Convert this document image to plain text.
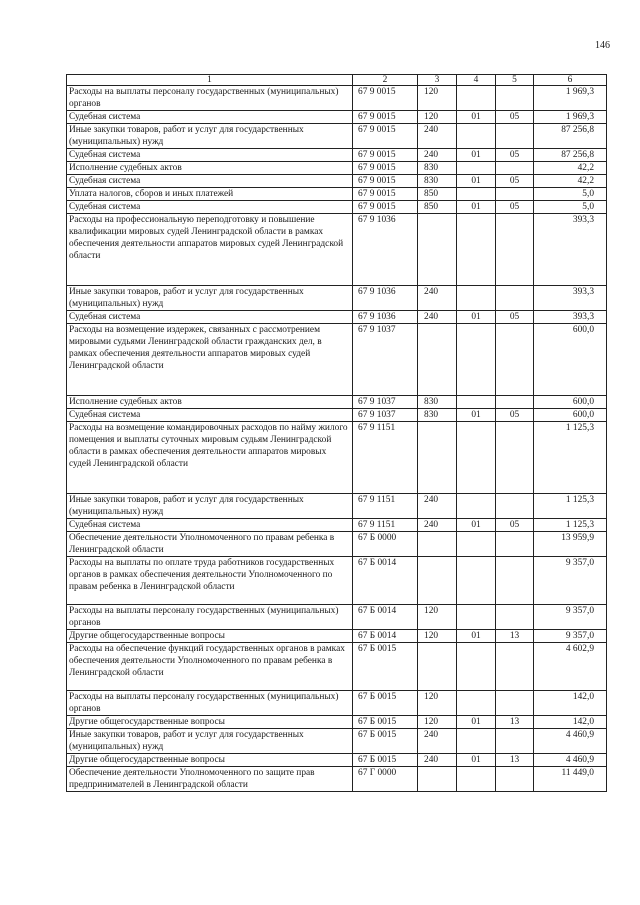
146
1	2	3	4	5	6
Расходы на выплаты персоналу государственных (муниципальных) органов	67 9 0015	120			1 969,3
Судебная система	67 9 0015	120	01	05	1 969,3
Иные закупки товаров, работ и услуг для государственных (муниципальных) нужд	67 9 0015	240			87 256,8
Судебная система	67 9 0015	240	01	05	87 256,8
Исполнение судебных актов	67 9 0015	830			42,2
Судебная система	67 9 0015	830	01	05	42,2
Уплата налогов, сборов и иных платежей	67 9 0015	850			5,0
Судебная система	67 9 0015	850	01	05	5,0
Расходы на профессиональную переподготовку и повышение квалификации мировых судей Ленинградской области в рамках обеспечения деятельности аппаратов мировых судей Ленинградской области	67 9 1036				393,3
Иные закупки товаров, работ и услуг для государственных (муниципальных) нужд	67 9 1036	240			393,3
Судебная система	67 9 1036	240	01	05	393,3
Расходы на возмещение издержек, связанных с рассмотрением мировыми судьями Ленинградской области гражданских дел, в рамках обеспечения деятельности аппаратов мировых судей Ленинградской области	67 9 1037				600,0
Исполнение судебных актов	67 9 1037	830			600,0
Судебная система	67 9 1037	830	01	05	600,0
Расходы на возмещение командировочных расходов по найму жилого помещения и выплаты суточных мировым судьям Ленинградской области в рамках обеспечения деятельности аппаратов мировых судей Ленинградской области	67 9 1151				1 125,3
Иные закупки товаров, работ и услуг для государственных (муниципальных) нужд	67 9 1151	240			1 125,3
Судебная система	67 9 1151	240	01	05	1 125,3
Обеспечение деятельности Уполномоченного по правам ребенка в Ленинградской области	67 Б 0000				13 959,9
Расходы на выплаты по оплате труда работников государственных органов в рамках обеспечения деятельности Уполномоченного по правам ребенка в Ленинградской области	67 Б 0014				9 357,0
Расходы на выплаты персоналу государственных (муниципальных) органов	67 Б 0014	120			9 357,0
Другие общегосударственные вопросы	67 Б 0014	120	01	13	9 357,0
Расходы на обеспечение функций государственных органов в рамках обеспечения деятельности Уполномоченного по правам ребенка в Ленинградской области	67 Б 0015				4 602,9
Расходы на выплаты персоналу государственных (муниципальных) органов	67 Б 0015	120			142,0
Другие общегосударственные вопросы	67 Б 0015	120	01	13	142,0
Иные закупки товаров, работ и услуг для государственных (муниципальных) нужд	67 Б 0015	240			4 460,9
Другие общегосударственные вопросы	67 Б 0015	240	01	13	4 460,9
Обеспечение деятельности Уполномоченного по защите прав предпринимателей в Ленинградской области	67 Г 0000				11 449,0
